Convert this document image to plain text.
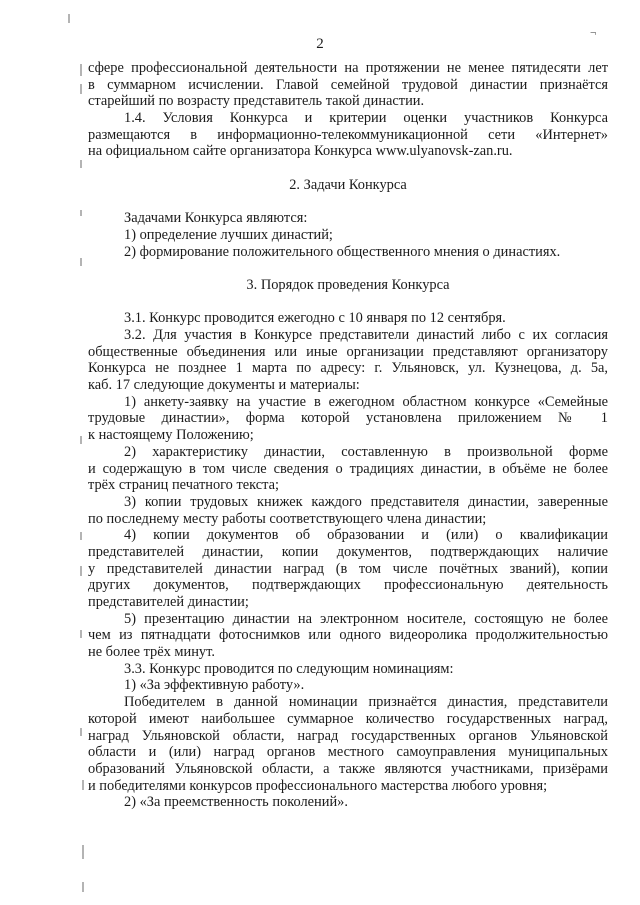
2
¬
сфере профессиональной деятельности на протяжении не менее пятидесяти лет
в суммарном исчислении. Главой семейной трудовой династии признаётся
старейший по возрасту представитель такой династии.
1.4. Условия Конкурса и критерии оценки участников Конкурса
размещаются в информационно-телекоммуникационной сети «Интернет»
на официальном сайте организатора Конкурса www.ulyanovsk-zan.ru.
2. Задачи Конкурса
Задачами Конкурса являются:
1) определение лучших династий;
2) формирование положительного общественного мнения о династиях.
3. Порядок проведения Конкурса
3.1. Конкурс проводится ежегодно с 10 января по 12 сентября.
3.2. Для участия в Конкурсе представители династий либо с их согласия
общественные объединения или иные организации представляют организатору
Конкурса не позднее 1 марта по адресу: г. Ульяновск, ул. Кузнецова, д. 5а,
каб. 17 следующие документы и материалы:
1) анкету-заявку на участие в ежегодном областном конкурсе «Семейные
трудовые династии», форма которой установлена приложением № 1
к настоящему Положению;
2) характеристику династии, составленную в произвольной форме
и содержащую в том числе сведения о традициях династии, в объёме не более
трёх страниц печатного текста;
3) копии трудовых книжек каждого представителя династии, заверенные
по последнему месту работы соответствующего члена династии;
4) копии документов об образовании и (или) о квалификации
представителей династии, копии документов, подтверждающих наличие
у представителей династии наград (в том числе почётных званий), копии
других документов, подтверждающих профессиональную деятельность
представителей династии;
5) презентацию династии на электронном носителе, состоящую не более
чем из пятнадцати фотоснимков или одного видеоролика продолжительностью
не более трёх минут.
3.3. Конкурс проводится по следующим номинациям:
1) «За эффективную работу».
Победителем в данной номинации признаётся династия, представители
которой имеют наибольшее суммарное количество государственных наград,
наград Ульяновской области, наград государственных органов Ульяновской
области и (или) наград органов местного самоуправления муниципальных
образований Ульяновской области, а также являются участниками, призёрами
и победителями конкурсов профессионального мастерства любого уровня;
2) «За преемственность поколений».
